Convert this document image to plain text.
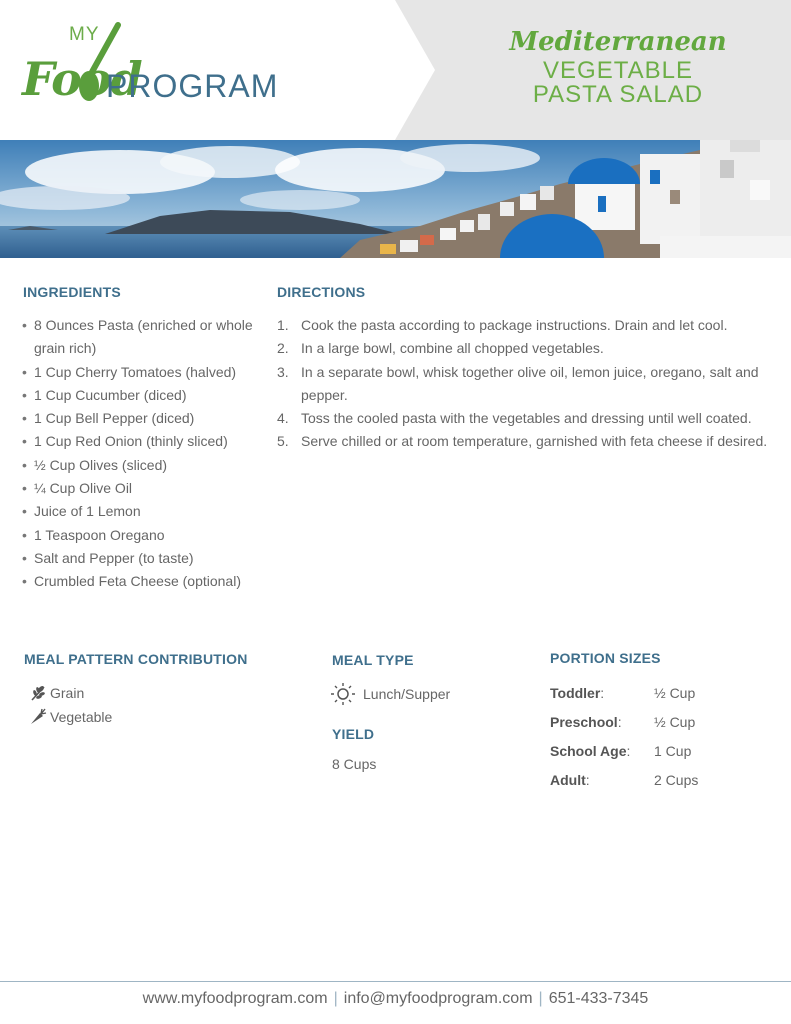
MY
Food
PROGRAM
Mediterranean
VEGETABLE
PASTA SALAD
INGREDIENTS
• 8 Ounces Pasta (enriched or whole grain rich)
• 1 Cup Cherry Tomatoes (halved)
• 1 Cup Cucumber (diced)
• 1 Cup Bell Pepper (diced)
• 1 Cup Red Onion (thinly sliced)
• ½ Cup Olives (sliced)
• ¼ Cup Olive Oil
• Juice of 1 Lemon
• 1 Teaspoon Oregano
• Salt and Pepper (to taste)
• Crumbled Feta Cheese (optional)
DIRECTIONS
1. Cook the pasta according to package instructions. Drain and let cool.
2. In a large bowl, combine all chopped vegetables.
3. In a separate bowl, whisk together olive oil, lemon juice, oregano, salt and pepper.
4. Toss the cooled pasta with the vegetables and dressing until well coated.
5. Serve chilled or at room temperature, garnished with feta cheese if desired.
MEAL PATTERN CONTRIBUTION
Grain
Vegetable
MEAL TYPE
Lunch/Supper
YIELD
8 Cups
PORTION SIZES
Toddler:	½ Cup
Preschool: ½ Cup
School Age: 1 Cup
Adult:	2 Cups
www.myfoodprogram.com | info@myfoodprogram.com | 651-433-7345
